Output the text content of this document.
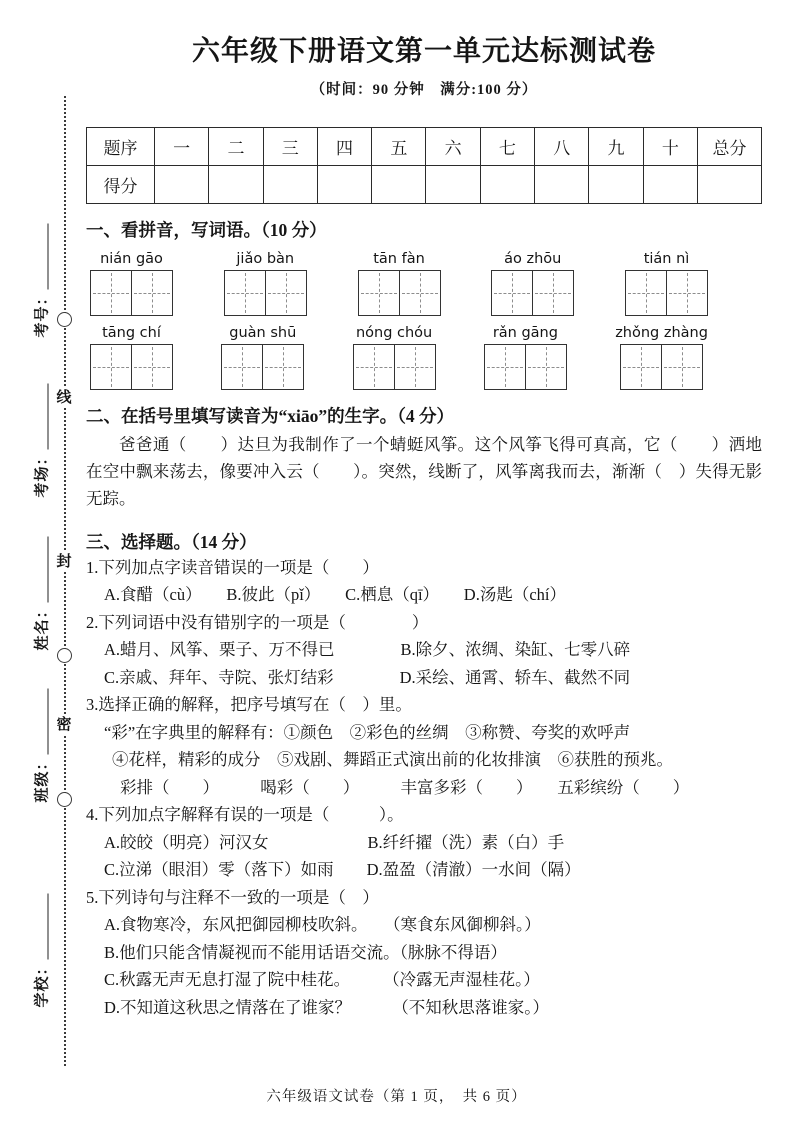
线
封
密
考号：
考场：
姓名：
班级：
学校：
六年级下册语文第一单元达标测试卷
（时间：90 分钟　满分:100 分）
题序	一	二	三	四	五	六	七	八	九	十	总分
得分											
一、看拼音，写词语。（10 分）
nián gāo	jiǎo bàn	tān fàn	áo zhōu	tián nì
tāng chí	guàn shū	nóng chóu	rǎn gāng	zhǒng zhàng
二、在括号里填写读音为“xiāo”的生字。（4 分）

爸爸通（　　）达旦为我制作了一个蜻蜓风筝。这个风筝飞得可真高，它（　　）洒地在空中飘来荡去，像要冲入云（　　）。突然，线断了，风筝离我而去，渐渐（　）失得无影无踪。

三、选择题。（14 分）

1.下列加点字读音错误的一项是（　　）

A.食醋（cù）　　B.彼此（pǐ）　　C.栖息（qī）　　D.汤匙（chí）

2.下列词语中没有错别字的一项是（　　　　）

A.蜡月、风筝、栗子、万不得已　　　　B.除夕、浓绸、染缸、七零八碎

C.亲戚、拜年、寺院、张灯结彩　　　　D.采绘、通霄、轿车、截然不同

3.选择正确的解释，把序号填写在（　）里。

“彩”在字典里的解释有：①颜色　②彩色的丝绸　③称赞、夸奖的欢呼声

④花样，精彩的成分　⑤戏剧、舞蹈正式演出前的化妆排演　⑥获胜的预兆。

彩排（　　）　　　喝彩（　　）　　　丰富多彩（　　）　　五彩缤纷（　　）

4.下列加点字解释有误的一项是（　　　）。

A.皎皎（明亮）河汉女　　　　　　B.纤纤擢（洗）素（白）手

C.泣涕（眼泪）零（落下）如雨　　D.盈盈（清澈）一水间（隔）

5.下列诗句与注释不一致的一项是（　）

A.食物寒冷，东风把御园柳枝吹斜。　　（寒食东风御柳斜。）

B.他们只能含情凝视而不能用话语交流。（脉脉不得语）

C.秋露无声无息打湿了院中桂花。　　　（冷露无声湿桂花。）

D.不知道这秋思之情落在了谁家？　　　（不知秋思落谁家。）

六年级语文试卷（第 1 页，　共 6 页）
